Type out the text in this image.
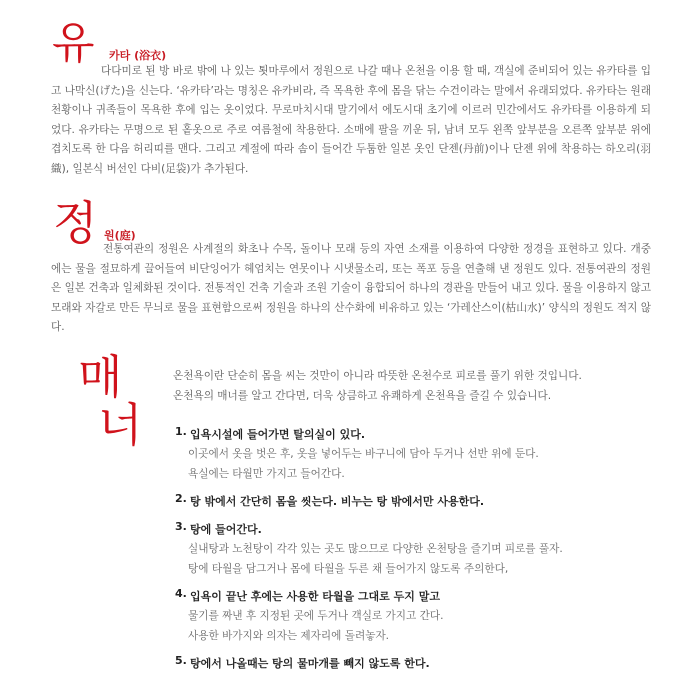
유 카타 (浴衣)
다다미로 된 방 바로 밖에 나 있는 툇마루에서 정원으로 나갈 때나 온천을 이용 할 때, 객실에 준비되어 있는 유카타를 입고 나막신(げた)을 신는다. ‘유카타’라는 명칭은 유카비라, 즉 목욕한 후에 몸을 닦는 수건이라는 말에서 유래되었다. 유카타는 원래 천황이나 귀족들이 목욕한 후에 입는 옷이었다. 무로마치시대 말기에서 에도시대 초기에 이르러 민간에서도 유카타를 이용하게 되었다. 유카타는 무명으로 된 홑옷으로 주로 여름철에 착용한다. 소매에 팔을 끼운 뒤, 남녀 모두 왼쪽 앞부분을 오른쪽 앞부분 위에 겹치도록 한 다음 허리띠를 맨다. 그리고 계절에 따라 솜이 들어간 두툼한 일본 옷인 단젠(丹前)이나 단젠 위에 착용하는 하오리(羽織), 일본식 버선인 다비(足袋)가 추가된다.
정 원(庭)
전통여관의 정원은 사계절의 화초나 수목, 돌이나 모래 등의 자연 소재를 이용하여 다양한 정경을 표현하고 있다. 개중에는 물을 절묘하게 끌어들여 비단잉어가 헤엄치는 연못이나 시냇물소리, 또는 폭포 등을 연출해 낸 정원도 있다. 전통여관의 정원은 일본 건축과 일체화된 것이다. 전통적인 건축 기술과 조원 기술이 융합되어 하나의 경관을 만들어 내고 있다. 물을 이용하지 않고 모래와 자갈로 만든 무늬로 물을 표현함으로써 정원을 하나의 산수화에 비유하고 있는 ‘가레산스이(枯山水)’ 양식의 정원도 적지 않다.
매
너
온천욕이란 단순히 몸을 씨는 것만이 아니라 따뜻한 온천수로 피로를 풀기 위한 것입니다.
온천욕의 매너를 알고 간다면, 더욱 상큼하고 유쾌하게 온천욕을 즐길 수 있습니다.
1. 입욕시설에 들어가면 탈의실이 있다.
이곳에서 옷을 벗은 후, 옷을 넣어두는 바구니에 담아 두거나 선반 위에 둔다.
욕실에는 타월만 가지고 들어간다.
2. 탕 밖에서 간단히 몸을 씻는다. 비누는 탕 밖에서만 사용한다.
3. 탕에 들어간다.
실내탕과 노천탕이 각각 있는 곳도 많으므로 다양한 온천탕을 즐기며 피로를 풀자.
탕에 타월을 담그거나 몸에 타월을 두른 채 들어가지 않도록 주의한다,
4. 입욕이 끝난 후에는 사용한 타월을 그대로 두지 말고
물기를 짜낸 후 지정된 곳에 두거나 객실로 가지고 간다.
사용한 바가지와 의자는 제자리에 돌려놓자.
5. 탕에서 나올때는 탕의 물마개를 빼지 않도록 한다.
